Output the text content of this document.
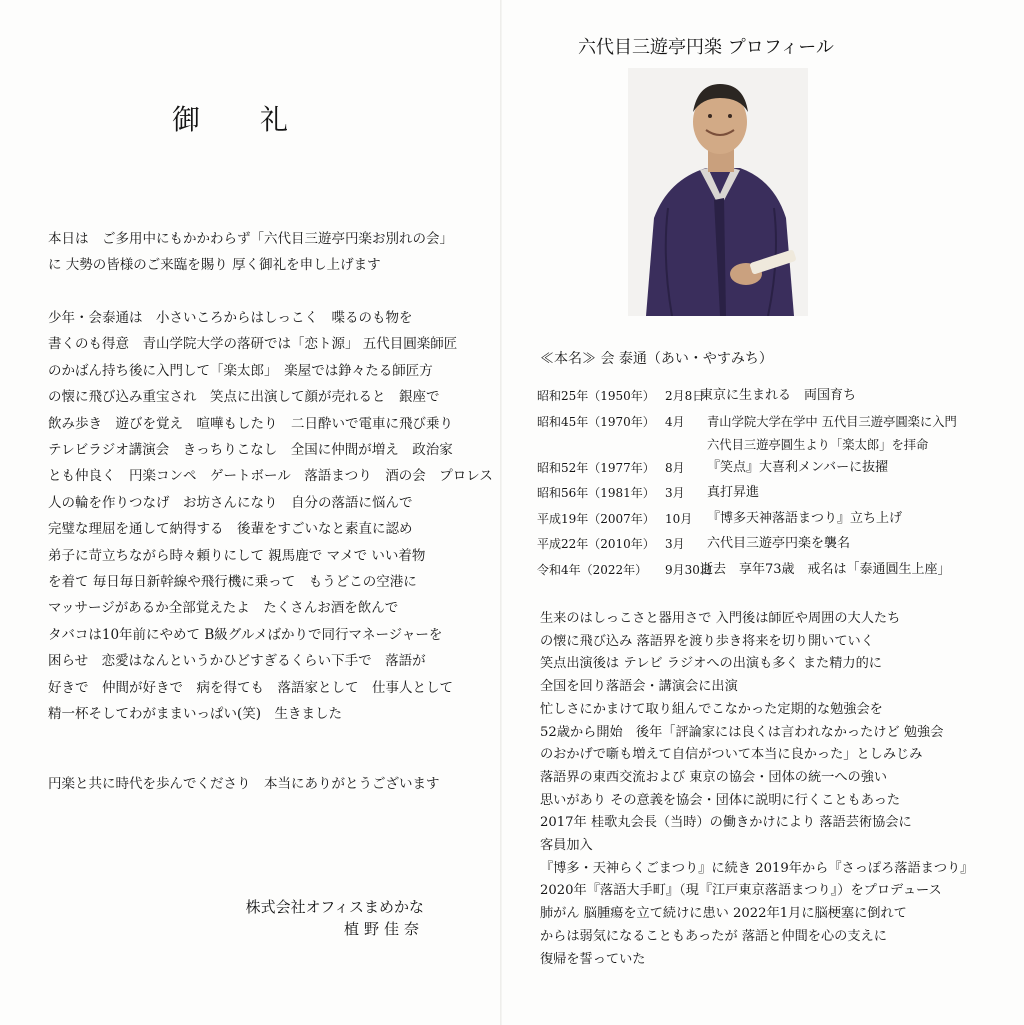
御礼
本日は　ご多用中にもかかわらず「六代目三遊亭円楽お別れの会」
に 大勢の皆様のご来臨を賜り 厚く御礼を申し上げます
少年・会泰通は　小さいころからはしっこく　喋るのも物を
書くのも得意　青山学院大学の落研では「恋ト源」 五代目圓楽師匠
のかばん持ち後に入門して「楽太郎」　楽屋では錚々たる師匠方
の懐に飛び込み重宝され　笑点に出演して顔が売れると　銀座で
飲み歩き　遊びを覚え　喧嘩もしたり　二日酔いで電車に飛び乗り
テレビラジオ講演会　きっちりこなし　全国に仲間が増え　政治家
とも仲良く　円楽コンペ　ゲートボール　落語まつり　酒の会　プロレス
人の輪を作りつなげ　お坊さんになり　自分の落語に悩んで
完璧な理屈を通して納得する　後輩をすごいなと素直に認め
弟子に苛立ちながら時々頼りにして 親馬鹿で マメで いい着物
を着て 毎日毎日新幹線や飛行機に乗って　もうどこの空港に
マッサージがあるか全部覚えたよ　たくさんお酒を飲んで
タバコは10年前にやめて B級グルメばかりで同行マネージャーを
困らせ　恋愛はなんというかひどすぎるくらい下手で　落語が
好きで　仲間が好きで　病を得ても　落語家として　仕事人として
精一杯そしてわがままいっぱい(笑)　生きました
円楽と共に時代を歩んでくださり　本当にありがとうございます
株式会社オフィスまめかな
植野佳奈
六代目三遊亭円楽 プロフィール
≪本名≫ 会 泰通（あい・やすみち）
昭和25年（1950年） 2月8日
東京に生まれる　両国育ち
昭和45年（1970年） 4月 青山学院大学在学中 五代目三遊亭圓楽に入門
六代目三遊亭圓生より「楽太郎」を拝命
昭和52年（1977年） 8月 『笑点』大喜利メンバーに抜擢
昭和56年（1981年） 3月 真打昇進
平成19年（2007年） 10月 『博多天神落語まつり』立ち上げ
平成22年（2010年） 3月 六代目三遊亭円楽を襲名
令和4年（2022年） 9月30日
逝去　享年73歳　戒名は「泰通圓生上座」
生来のはしっこさと器用さで 入門後は師匠や周囲の大人たち
の懐に飛び込み 落語界を渡り歩き将来を切り開いていく
笑点出演後は テレビ ラジオへの出演も多く また精力的に
全国を回り落語会・講演会に出演
忙しさにかまけて取り組んでこなかった定期的な勉強会を
52歳から開始　後年「評論家には良くは言われなかったけど 勉強会
のおかげで噺も増えて自信がついて本当に良かった」としみじみ
落語界の東西交流および 東京の協会・団体の統一への強い
思いがあり その意義を協会・団体に説明に行くこともあった
2017年 桂歌丸会長（当時）の働きかけにより 落語芸術協会に
客員加入
『博多・天神らくごまつり』に続き 2019年から『さっぽろ落語まつり』
2020年『落語大手町』（現『江戸東京落語まつり』）をプロデュース
肺がん 脳腫瘍を立て続けに患い 2022年1月に脳梗塞に倒れて
からは弱気になることもあったが 落語と仲間を心の支えに
復帰を誓っていた
